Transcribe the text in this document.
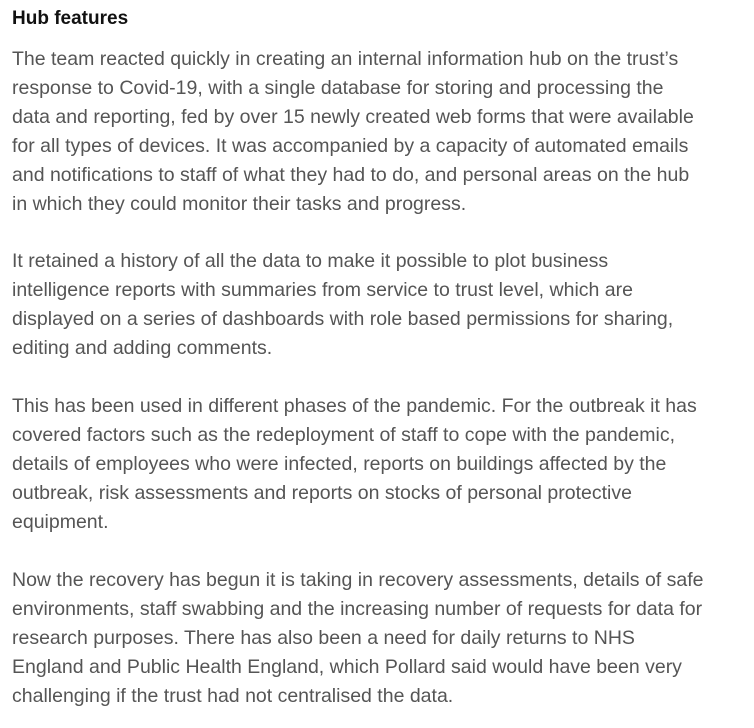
Hub features

The team reacted quickly in creating an internal information hub on the trust’s
response to Covid-19, with a single database for storing and processing the
data and reporting, fed by over 15 newly created web forms that were available
for all types of devices. It was accompanied by a capacity of automated emails
and notifications to staff of what they had to do, and personal areas on the hub
in which they could monitor their tasks and progress.

It retained a history of all the data to make it possible to plot business
intelligence reports with summaries from service to trust level, which are
displayed on a series of dashboards with role based permissions for sharing,
editing and adding comments.

This has been used in different phases of the pandemic. For the outbreak it has
covered factors such as the redeployment of staff to cope with the pandemic,
details of employees who were infected, reports on buildings affected by the
outbreak, risk assessments and reports on stocks of personal protective
equipment.

Now the recovery has begun it is taking in recovery assessments, details of safe
environments, staff swabbing and the increasing number of requests for data for
research purposes. There has also been a need for daily returns to NHS
England and Public Health England, which Pollard said would have been very
challenging if the trust had not centralised the data.
